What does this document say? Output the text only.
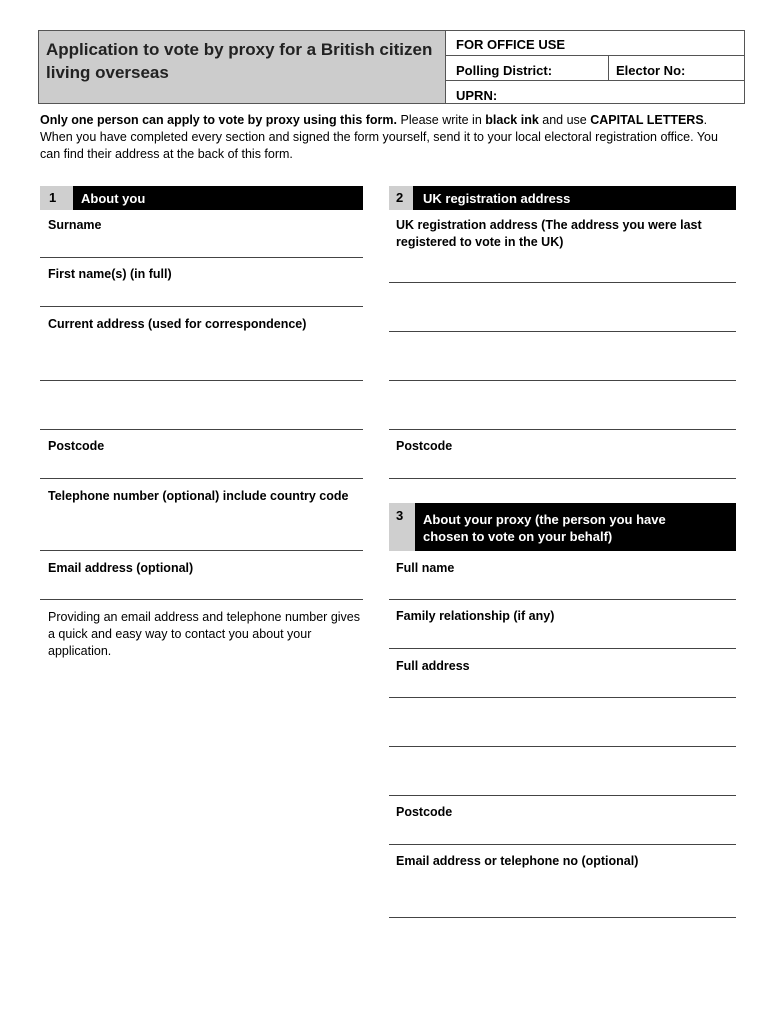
Application to vote by proxy for a British citizen living overseas
FOR OFFICE USE
Polling District:	Elector No:
UPRN:
Only one person can apply to vote by proxy using this form. Please write in black ink and use CAPITAL LETTERS. When you have completed every section and signed the form yourself, send it to your local electoral registration office. You can find their address at the back of this form.
1	About you
Surname
First name(s) (in full)
Current address (used for correspondence)
Postcode
Telephone number (optional) include country code
Email address (optional)
Providing an email address and telephone number gives a quick and easy way to contact you about your application.
2	UK registration address
UK registration address (The address you were last registered to vote in the UK)
Postcode
3	About your proxy (the person you have chosen to vote on your behalf)
Full name
Family relationship (if any)
Full address
Postcode
Email address or telephone no (optional)
